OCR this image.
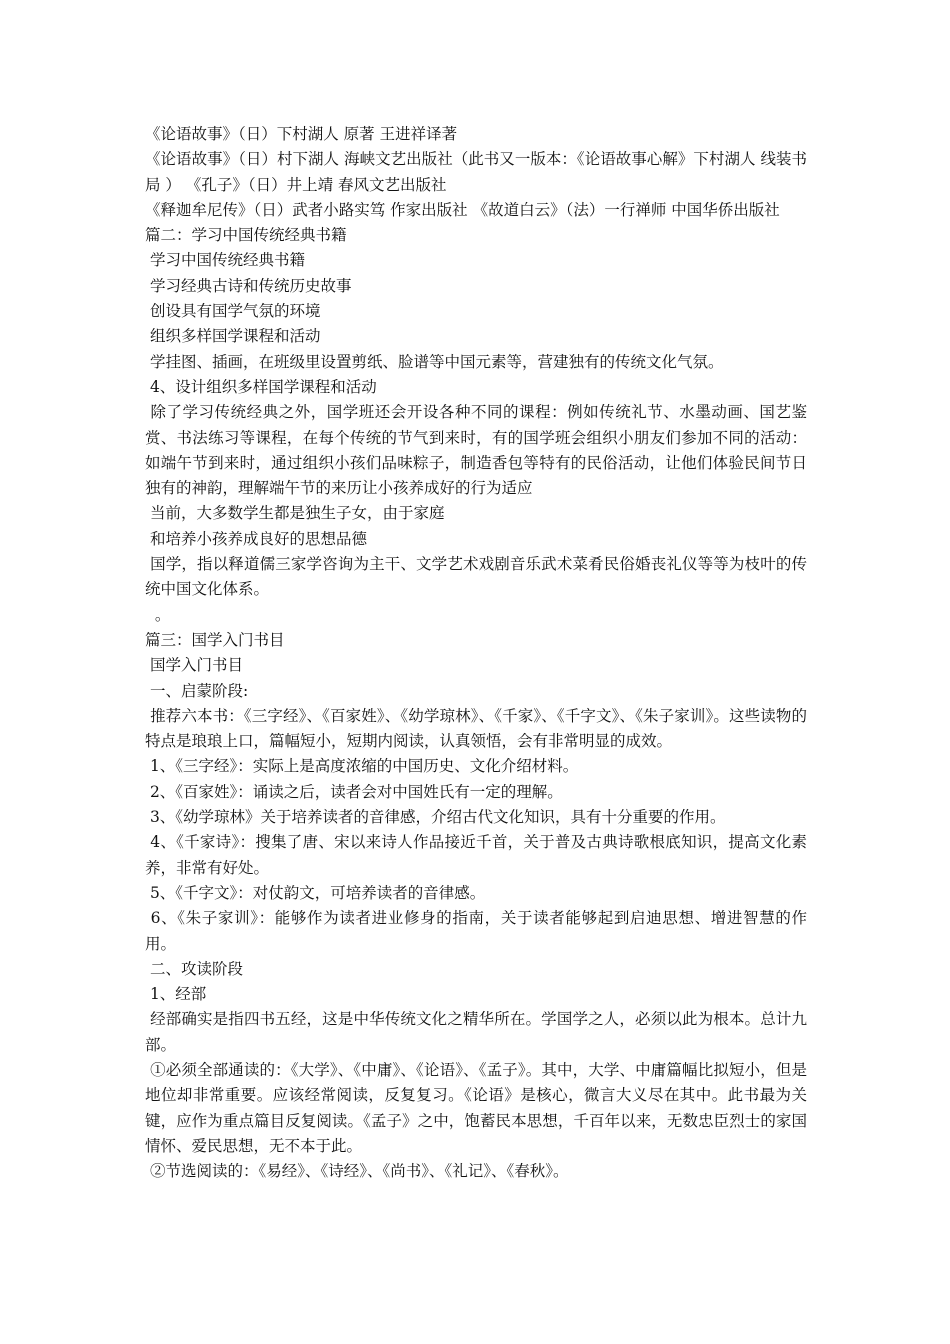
《论语故事》（日）下村湖人 原著 王进祥译著

《论语故事》（日）村下湖人 海峡文艺出版社（此书又一版本：《论语故事心解》下村湖人 线装书局 ） 《孔子》（日）井上靖 春风文艺出版社

《释迦牟尼传》（日）武者小路实笃 作家出版社 《故道白云》（法）一行禅师 中国华侨出版社

篇二：学习中国传统经典书籍

学习中国传统经典书籍

学习经典古诗和传统历史故事

创设具有国学气氛的环境

组织多样国学课程和活动

学挂图、插画，在班级里设置剪纸、脸谱等中国元素等，营建独有的传统文化气氛。

4、设计组织多样国学课程和活动

除了学习传统经典之外，国学班还会开设各种不同的课程：例如传统礼节、水墨动画、国艺鉴赏、书法练习等课程，在每个传统的节气到来时，有的国学班会组织小朋友们参加不同的活动：如端午节到来时，通过组织小孩们品味粽子，制造香包等特有的民俗活动，让他们体验民间节日独有的神韵，理解端午节的来历让小孩养成好的行为适应

当前，大多数学生都是独生子女，由于家庭

和培养小孩养成良好的思想品德

国学，指以释道儒三家学咨询为主干、文学艺术戏剧音乐武术菜肴民俗婚丧礼仪等等为枝叶的传统中国文化体系。

。

篇三：国学入门书目

国学入门书目

一、启蒙阶段:

推荐六本书：《三字经》、《百家姓》、《幼学琼林》、《千家》、《千字文》、《朱子家训》。这些读物的特点是琅琅上口，篇幅短小，短期内阅读，认真领悟，会有非常明显的成效。

1、《三字经》：实际上是高度浓缩的中国历史、文化介绍材料。

2、《百家姓》：诵读之后，读者会对中国姓氏有一定的理解。

3、《幼学琼林》关于培养读者的音律感，介绍古代文化知识，具有十分重要的作用。

4、《千家诗》：搜集了唐、宋以来诗人作品接近千首，关于普及古典诗歌根底知识，提高文化素养，非常有好处。

5、《千字文》：对仗韵文，可培养读者的音律感。

6、《朱子家训》：能够作为读者进业修身的指南，关于读者能够起到启迪思想、增进智慧的作用。

二、攻读阶段

1、经部

经部确实是指四书五经，这是中华传统文化之精华所在。学国学之人，必须以此为根本。总计九部。

①必须全部通读的：《大学》、《中庸》、《论语》、《孟子》。其中，大学、中庸篇幅比拟短小，但是地位却非常重要。应该经常阅读，反复复习。《论语》是核心，微言大义尽在其中。此书最为关键，应作为重点篇目反复阅读。《孟子》之中，饱蓄民本思想，千百年以来，无数忠臣烈士的家国情怀、爱民思想，无不本于此。

②节选阅读的：《易经》、《诗经》、《尚书》、《礼记》、《春秋》。
